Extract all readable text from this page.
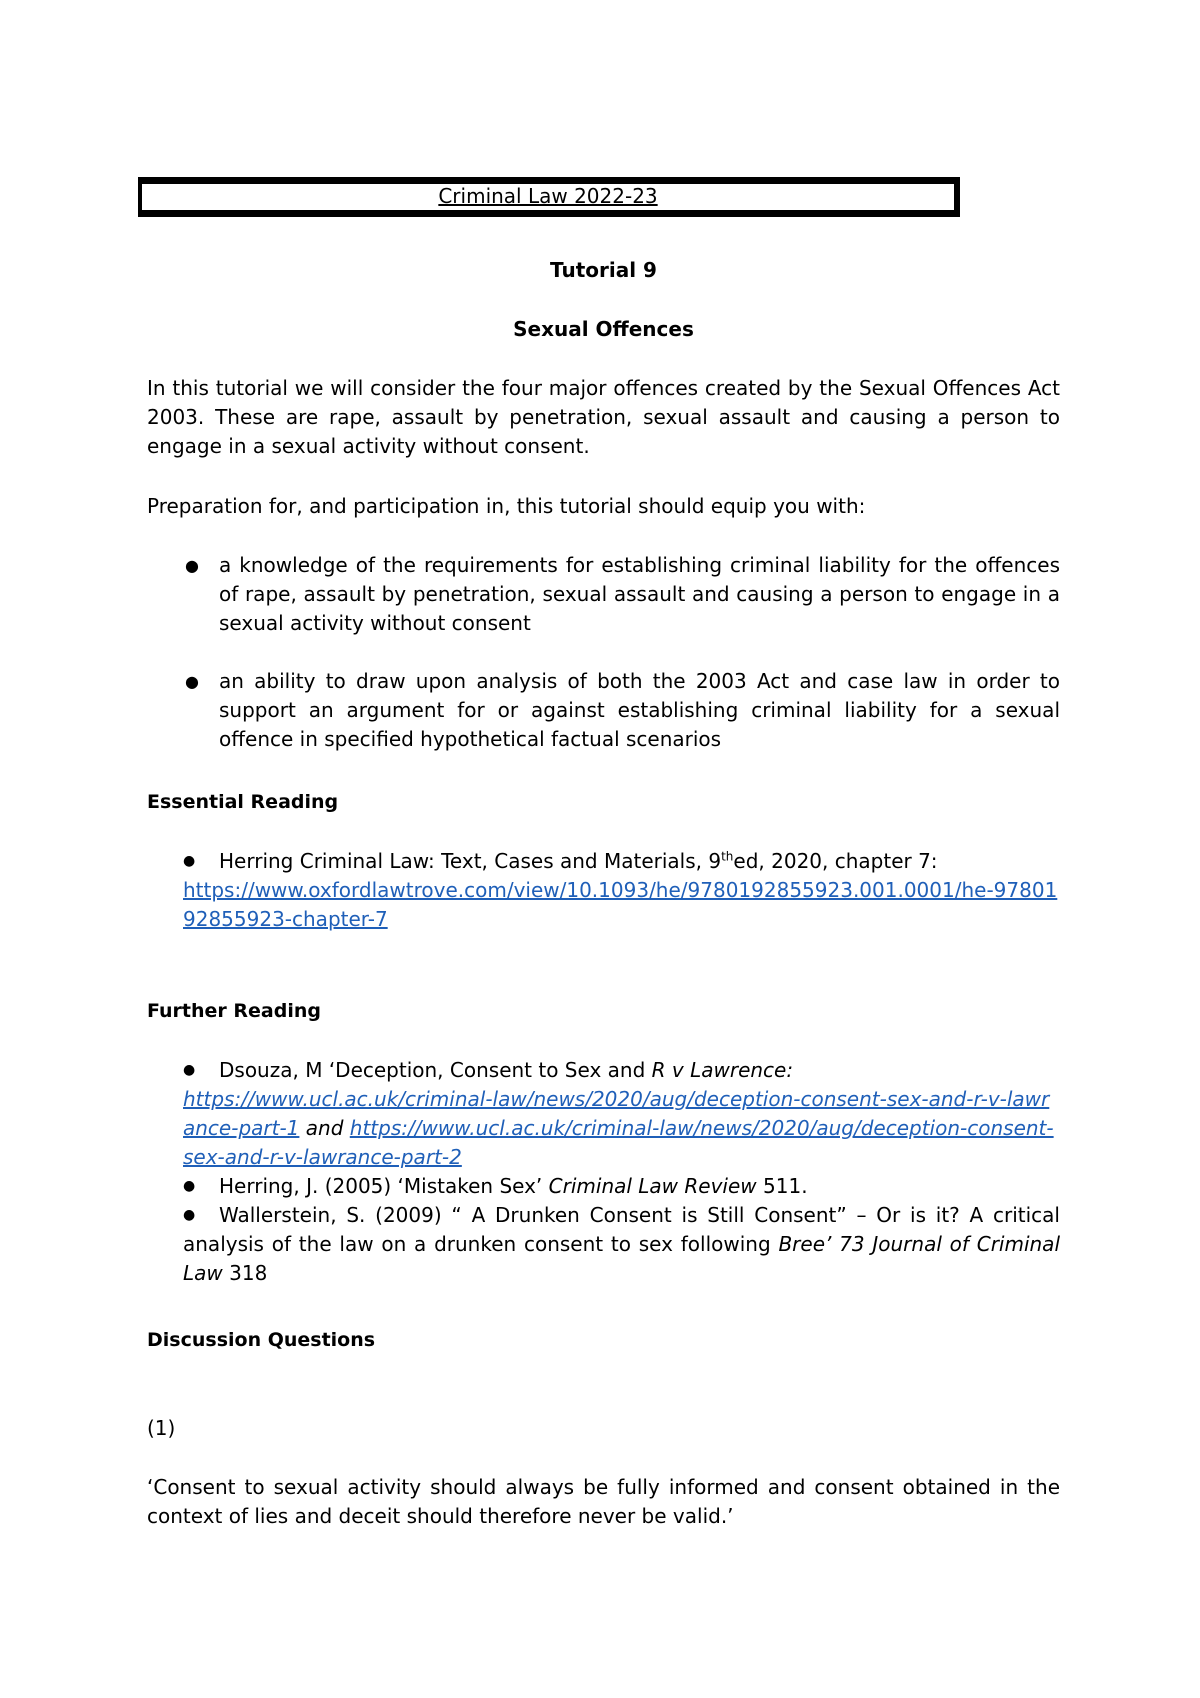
Criminal Law 2022-23

Tutorial 9

Sexual Offences

In this tutorial we will consider the four major offences created by the Sexual Offences Act 2003. These are rape, assault by penetration, sexual assault and causing a person to engage in a sexual activity without consent.

Preparation for, and participation in, this tutorial should equip you with:

● a knowledge of the requirements for establishing criminal liability for the offences of rape, assault by penetration, sexual assault and causing a person to engage in a sexual activity without consent
● an ability to draw upon analysis of both the 2003 Act and case law in order to support an argument for or against establishing criminal liability for a sexual offence in specified hypothetical factual scenarios

Essential Reading

●	Herring Criminal Law: Text, Cases and Materials, 9thed, 2020, chapter 7:
https://www.oxfordlawtrove.com/view/10.1093/he/9780192855923.001.0001/he-9780192855923-chapter-7

Further Reading

●	Dsouza, M ‘Deception, Consent to Sex and R v Lawrence:
https://www.ucl.ac.uk/criminal-law/news/2020/aug/deception-consent-sex-and-r-v-lawrance-part-1 and https://www.ucl.ac.uk/criminal-law/news/2020/aug/deception-consent-sex-and-r-v-lawrance-part-2
●	Herring, J. (2005) ‘Mistaken Sex’ Criminal Law Review 511.
●	Wallerstein, S. (2009) “ A Drunken Consent is Still Consent” – Or is it? A critical analysis of the law on a drunken consent to sex following Bree’ 73 Journal of Criminal Law 318

Discussion Questions

(1)

‘Consent to sexual activity should always be fully informed and consent obtained in the context of lies and deceit should therefore never be valid.’
